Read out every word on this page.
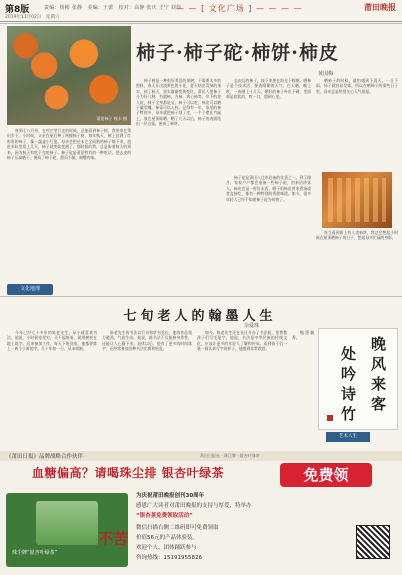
第8版	责编：杨彬 张静　美编：王蕾　校对：高静 张庆 王宁 刘伟
2019年11月02日　星期六
— — [ 文化广场 ] — — — —	莆田晚报
莆田柿子 秋丰 摄
柿子·柿子砣·柿饼·柿皮
黄国梅

每到七八月份，在村庄里行走的时候，总能看到柿子树。我的家在莆田乡下，小时候，父亲在屋后种了两棵柿子树，每年秋天，树上挂满了红彤彤的柿子，像一盏盏小灯笼。母亲会把还未完全成熟的柿子摘下来，放进米缸里焐上几天，柿子就变软变甜了。那时候的我，总是盼着秋天的到来，因为秋天有吃不完的柿子。柿子砣是莆田特有的一种吃法，把去皮的柿子压扁晒干，便成了柿子砣，甜而不腻，耐嚼有味。

柿子树是一种很好养活的果树，不需要太多的照料。春天开出淡黄色的小花，夏天结出青绿的果实，到了秋天，果实渐渐变黄变红。莆田人把柿子分为好几种，有圆柿、方柿、鸡心柿等。乡下的老人说，柿子全身都是宝，柿子可以吃，柿皮可以晒干做零嘴，柿蒂可以入药。记得有一年，家里的柿子特别多，母亲就把柿子削了皮，一个个摆在竹匾上，放在屋顶晾晒。晒了几天以后，柿子的表面结出一层白霜，便成了柿饼。

去皮后的柿子，接下来要在阳光下晾晒。晒柿子是个技术活，要选晴朗的天气，白天晒，晚上收，一连晒上十几天。晒好的柿子外皮干硬，里面却是软软的，咬一口，甜到心里。

晒柿子的时候，最怕遇到下雨天。一旦下雨，柿子就容易发霉。所以在晒柿子的那些日子里，母亲总是特别关心天气预报。

柿子砣是莆田人过年必备的年货之一。到了腊月，家家户户都会准备一些柿子砣，用来招待客人。柿皮也是一样好东西，晒干的柿皮用来煮汤或者直接吃，都有一种特别的香甜味道。如今，很多年轻人已经不知道柿子砣为何物了。

每当看到街上有人卖柿饼，我总会想起小时候在屋顶晒柿子的日子，想起母亲忙碌的身影。

文化地理
七旬老人的翰墨人生
余爱珠

今年已经七十多岁的陈老先生，从小就喜欢书法。他说，小时候家里穷，买不起纸笔，就用树枝在地上练字。后来参加工作，每天下班回家，他都要练上一两个小时的字。几十年如一日，从未间断。

陈老先生的书法以行书和草书见长，他的作品笔力遒劲，气韵生动。他说，练书法不仅能修身养性，还能让人心静下来。退休以后，他有了更多的时间练字，还经常参加各种书法比赛和展览。

如今，陈老先生还在社区开办了书法班，免费教孩子们写毛笔字。他说，书法是中华民族的传统文化，应该让更多的年轻人了解和传承。看到孩子们一笔一画认真写字的样子，他感到非常欣慰。

翰墨飘香，	晚
风
来
客
处
吟
诗
竹
艺术人生
《莆田日报》品牌战略合作伙伴	莆田日报社 · 珠江牌 · 银杏叶绿茶
血糖偏高？请喝珠尘排 银杏叶绿茶	免费领
为庆祝莆田晚报创刊30周年
感恩广大读者对莆田晚报的支持与厚爱，特举办
“银杏茶免费领取活动”
微信扫描右侧二维码即可免费领取
价值56元的产品体验装。
欢迎个人、团体踊跃参与
咨询热线：15191955826
珠尘牌“银杏叶绿茶”
不苦
